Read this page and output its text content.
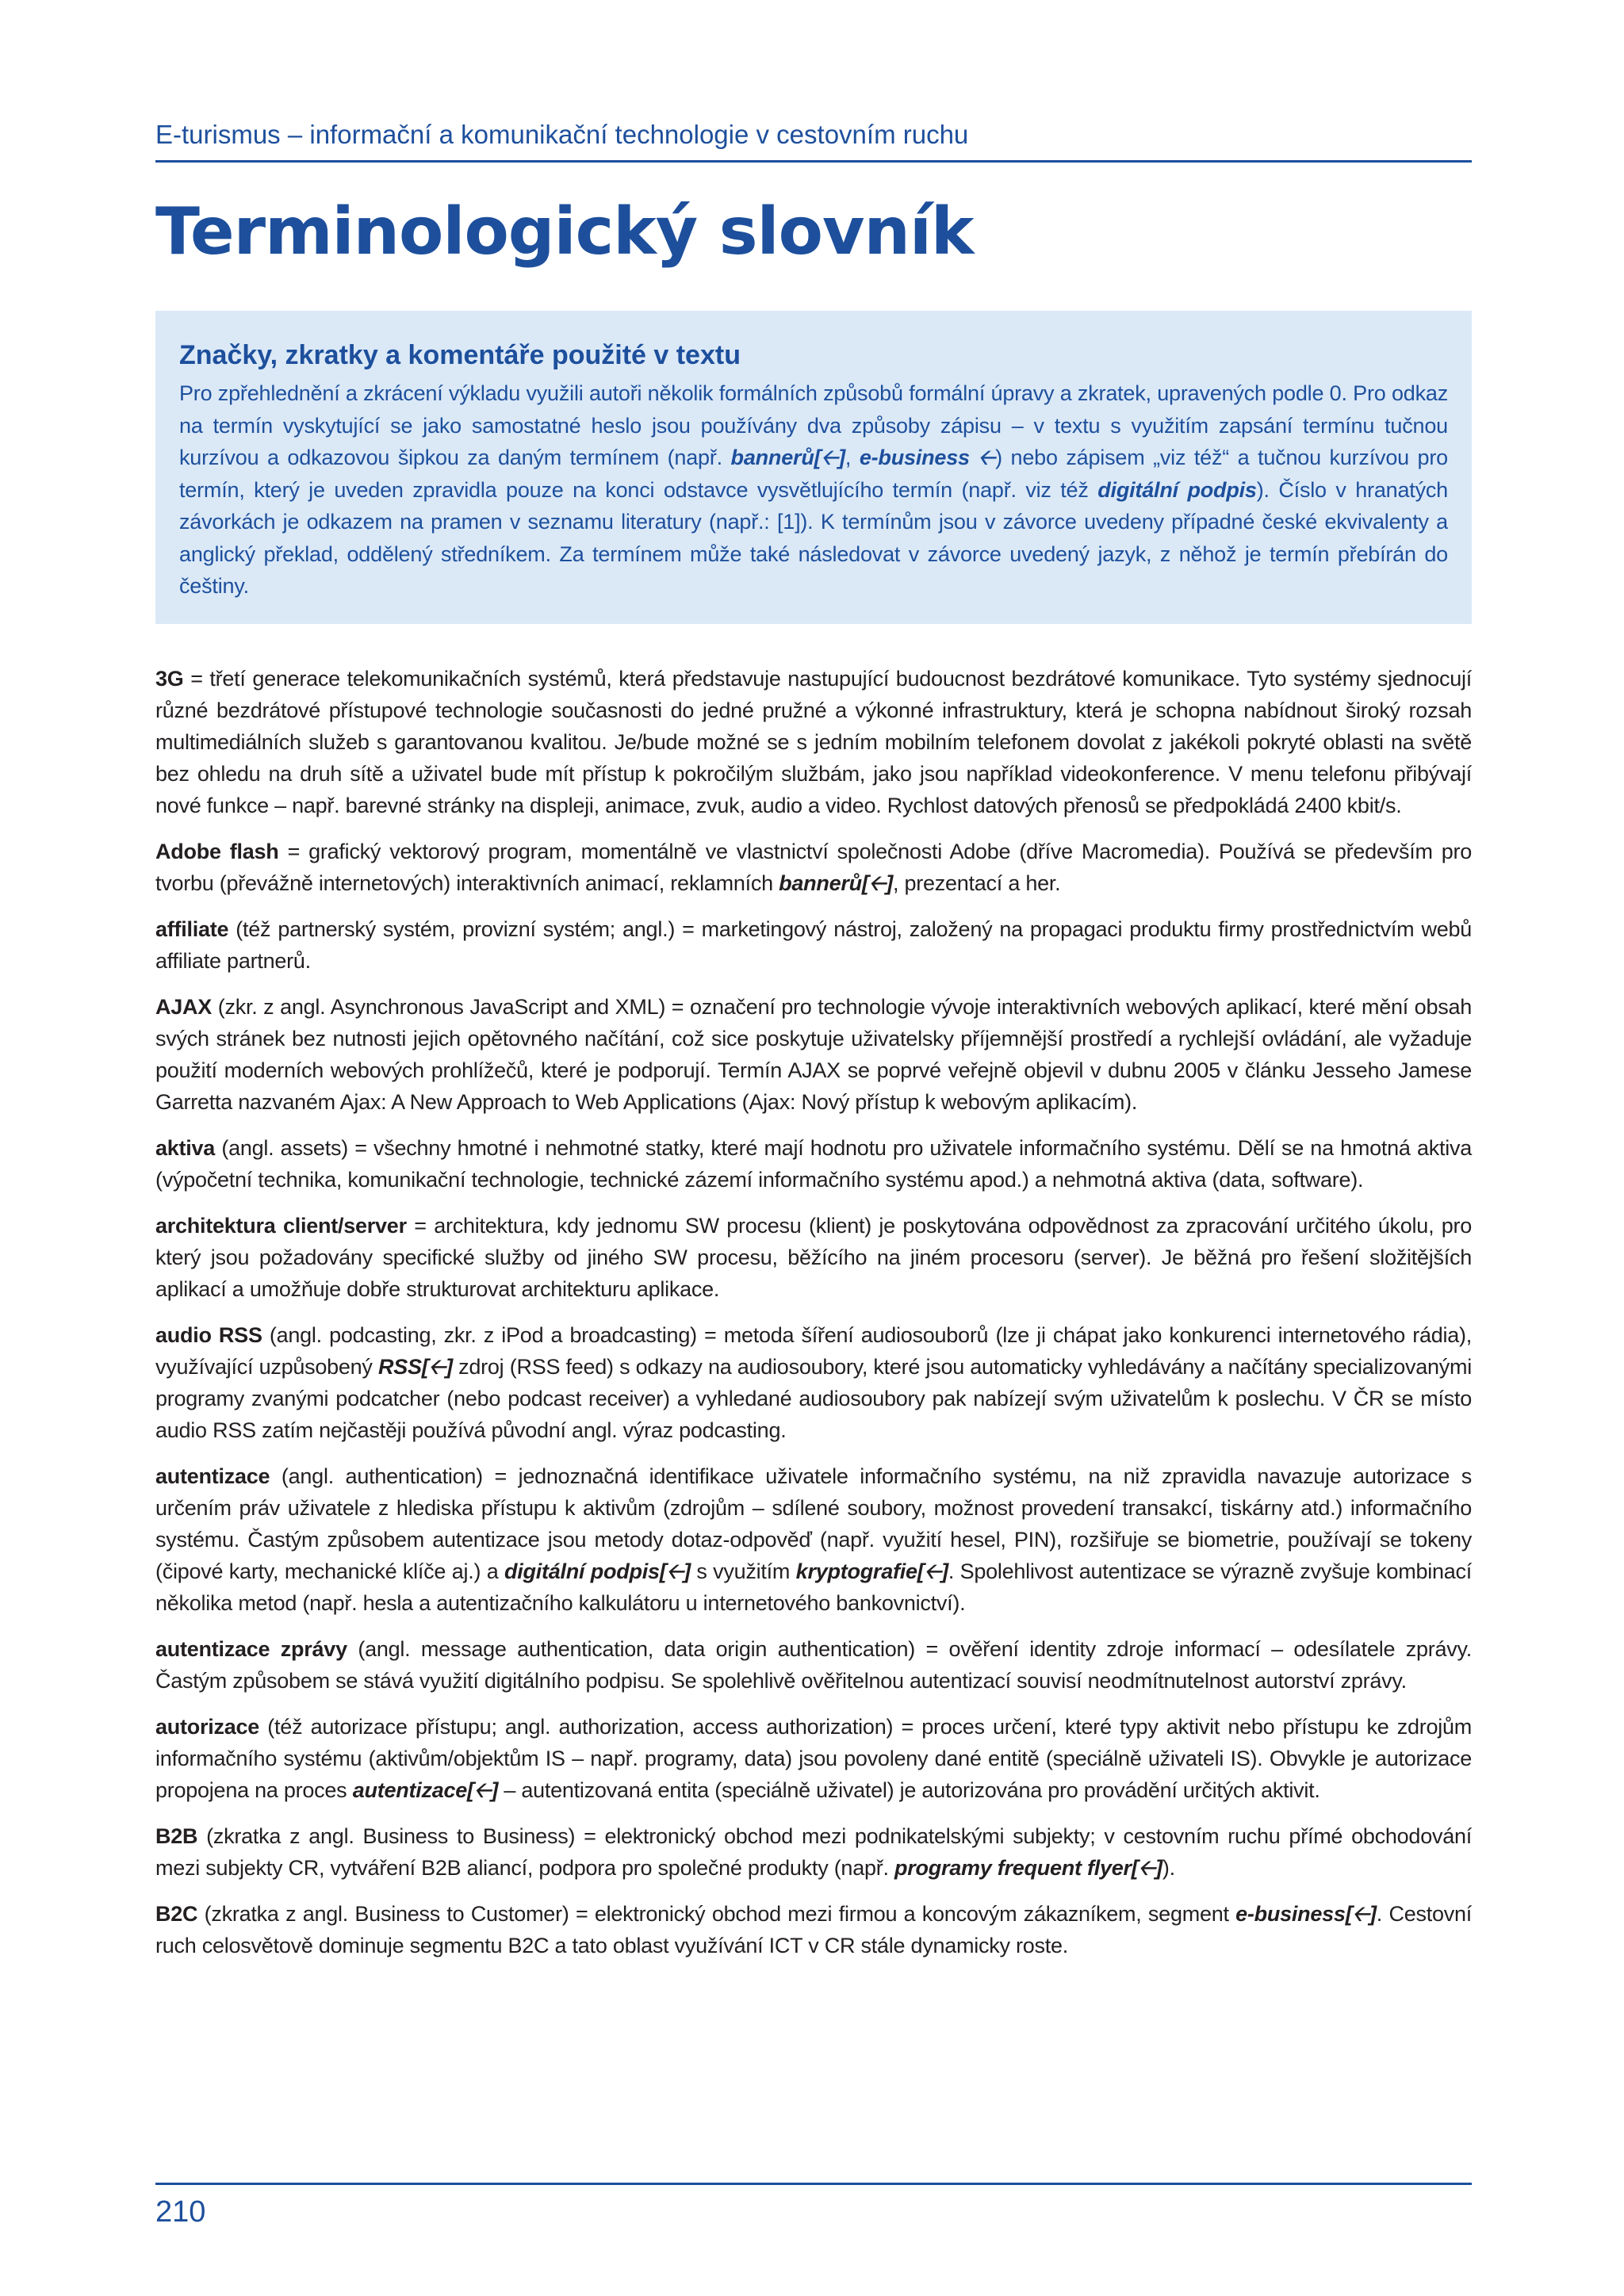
E-turismus – informační a komunikační technologie v cestovním ruchu
Terminologický slovník
Značky, zkratky a komentáře použité v textu

Pro zpřehlednění a zkrácení výkladu využili autoři několik formálních způsobů formální úpravy a zkratek, upravených podle 0. Pro odkaz na termín vyskytující se jako samostatné heslo jsou používány dva způsoby zápisu – v textu s využitím zapsání termínu tučnou kurzívou a odkazovou šipkou za daným termínem (např. bannerů[🡠], e-business 🡠) nebo zápisem „viz též“ a tučnou kurzívou pro termín, který je uveden zpravidla pouze na konci odstavce vysvětlujícího termín (např. viz též digitální podpis). Číslo v hranatých závorkách je odkazem na pramen v seznamu literatury (např.: [1]). K termínům jsou v závorce uvedeny případné české ekvivalenty a anglický překlad, oddělený středníkem. Za termínem může také následovat v závorce uvedený jazyk, z něhož je termín přebírán do češtiny.

3G = třetí generace telekomunikačních systémů, která představuje nastupující budoucnost bezdrátové komunikace. Tyto systémy sjednocují různé bezdrátové přístupové technologie současnosti do jedné pružné a výkonné infrastruktury, která je schopna nabídnout široký rozsah multimediálních služeb s garantovanou kvalitou. Je/bude možné se s jedním mobilním telefonem dovolat z jakékoli pokryté oblasti na světě bez ohledu na druh sítě a uživatel bude mít přístup k pokročilým službám, jako jsou například videokonference. V menu telefonu přibývají nové funkce – např. barevné stránky na displeji, animace, zvuk, audio a video. Rychlost datových přenosů se předpokládá 2400 kbit/s.

Adobe flash = grafický vektorový program, momentálně ve vlastnictví společnosti Adobe (dříve Macromedia). Používá se především pro tvorbu (převážně internetových) interaktivních animací, reklamních bannerů[🡠], prezentací a her.

affiliate (též partnerský systém, provizní systém; angl.) = marketingový nástroj, založený na propagaci produktu firmy prostřednictvím webů affiliate partnerů.

AJAX (zkr. z angl. Asynchronous JavaScript and XML) = označení pro technologie vývoje interaktivních webových aplikací, které mění obsah svých stránek bez nutnosti jejich opětovného načítání, což sice poskytuje uživatelsky příjemnější prostředí a rychlejší ovládání, ale vyžaduje použití moderních webových prohlížečů, které je podporují. Termín AJAX se poprvé veřejně objevil v dubnu 2005 v článku Jesseho Jamese Garretta nazvaném Ajax: A New Approach to Web Applications (Ajax: Nový přístup k webovým aplikacím).

aktiva (angl. assets) = všechny hmotné i nehmotné statky, které mají hodnotu pro uživatele informačního systému. Dělí se na hmotná aktiva (výpočetní technika, komunikační technologie, technické zázemí informačního systému apod.) a nehmotná aktiva (data, software).

architektura client/server = architektura, kdy jednomu SW procesu (klient) je poskytována odpovědnost za zpracování určitého úkolu, pro který jsou požadovány specifické služby od jiného SW procesu, běžícího na jiném procesoru (server). Je běžná pro řešení složitějších aplikací a umožňuje dobře strukturovat architekturu aplikace.

audio RSS (angl. podcasting, zkr. z iPod a broadcasting) = metoda šíření audiosouborů (lze ji chápat jako konkurenci internetového rádia), využívající uzpůsobený RSS[🡠] zdroj (RSS feed) s odkazy na audiosoubory, které jsou automaticky vyhledávány a načítány specializovanými programy zvanými podcatcher (nebo podcast receiver) a vyhledané audiosoubory pak nabízejí svým uživatelům k poslechu. V ČR se místo audio RSS zatím nejčastěji používá původní angl. výraz podcasting.

autentizace (angl. authentication) = jednoznačná identifikace uživatele informačního systému, na niž zpravidla navazuje autorizace s určením práv uživatele z hlediska přístupu k aktivům (zdrojům – sdílené soubory, možnost provedení transakcí, tiskárny atd.) informačního systému. Častým způsobem autentizace jsou metody dotaz-odpověď (např. využití hesel, PIN), rozšiřuje se biometrie, používají se tokeny (čipové karty, mechanické klíče aj.) a digitální podpis[🡠] s využitím kryptografie[🡠]. Spolehlivost autentizace se výrazně zvyšuje kombinací několika metod (např. hesla a autentizačního kalkulátoru u internetového bankovnictví).

autentizace zprávy (angl. message authentication, data origin authentication) = ověření identity zdroje informací – odesílatele zprávy. Častým způsobem se stává využití digitálního podpisu. Se spolehlivě ověřitelnou autentizací souvisí neodmítnutelnost autorství zprávy.

autorizace (též autorizace přístupu; angl. authorization, access authorization) = proces určení, které typy aktivit nebo přístupu ke zdrojům informačního systému (aktivům/objektům IS – např. programy, data) jsou povoleny dané entitě (speciálně uživateli IS). Obvykle je autorizace propojena na proces autentizace[🡠] – autentizovaná entita (speciálně uživatel) je autorizována pro provádění určitých aktivit.

B2B (zkratka z angl. Business to Business) = elektronický obchod mezi podnikatelskými subjekty; v cestovním ruchu přímé obchodování mezi subjekty CR, vytváření B2B aliancí, podpora pro společné produkty (např. programy frequent flyer[🡠]).

B2C (zkratka z angl. Business to Customer) = elektronický obchod mezi firmou a koncovým zákazníkem, segment e-business[🡠]. Cestovní ruch celosvětově dominuje segmentu B2C a tato oblast využívání ICT v CR stále dynamicky roste.

210
